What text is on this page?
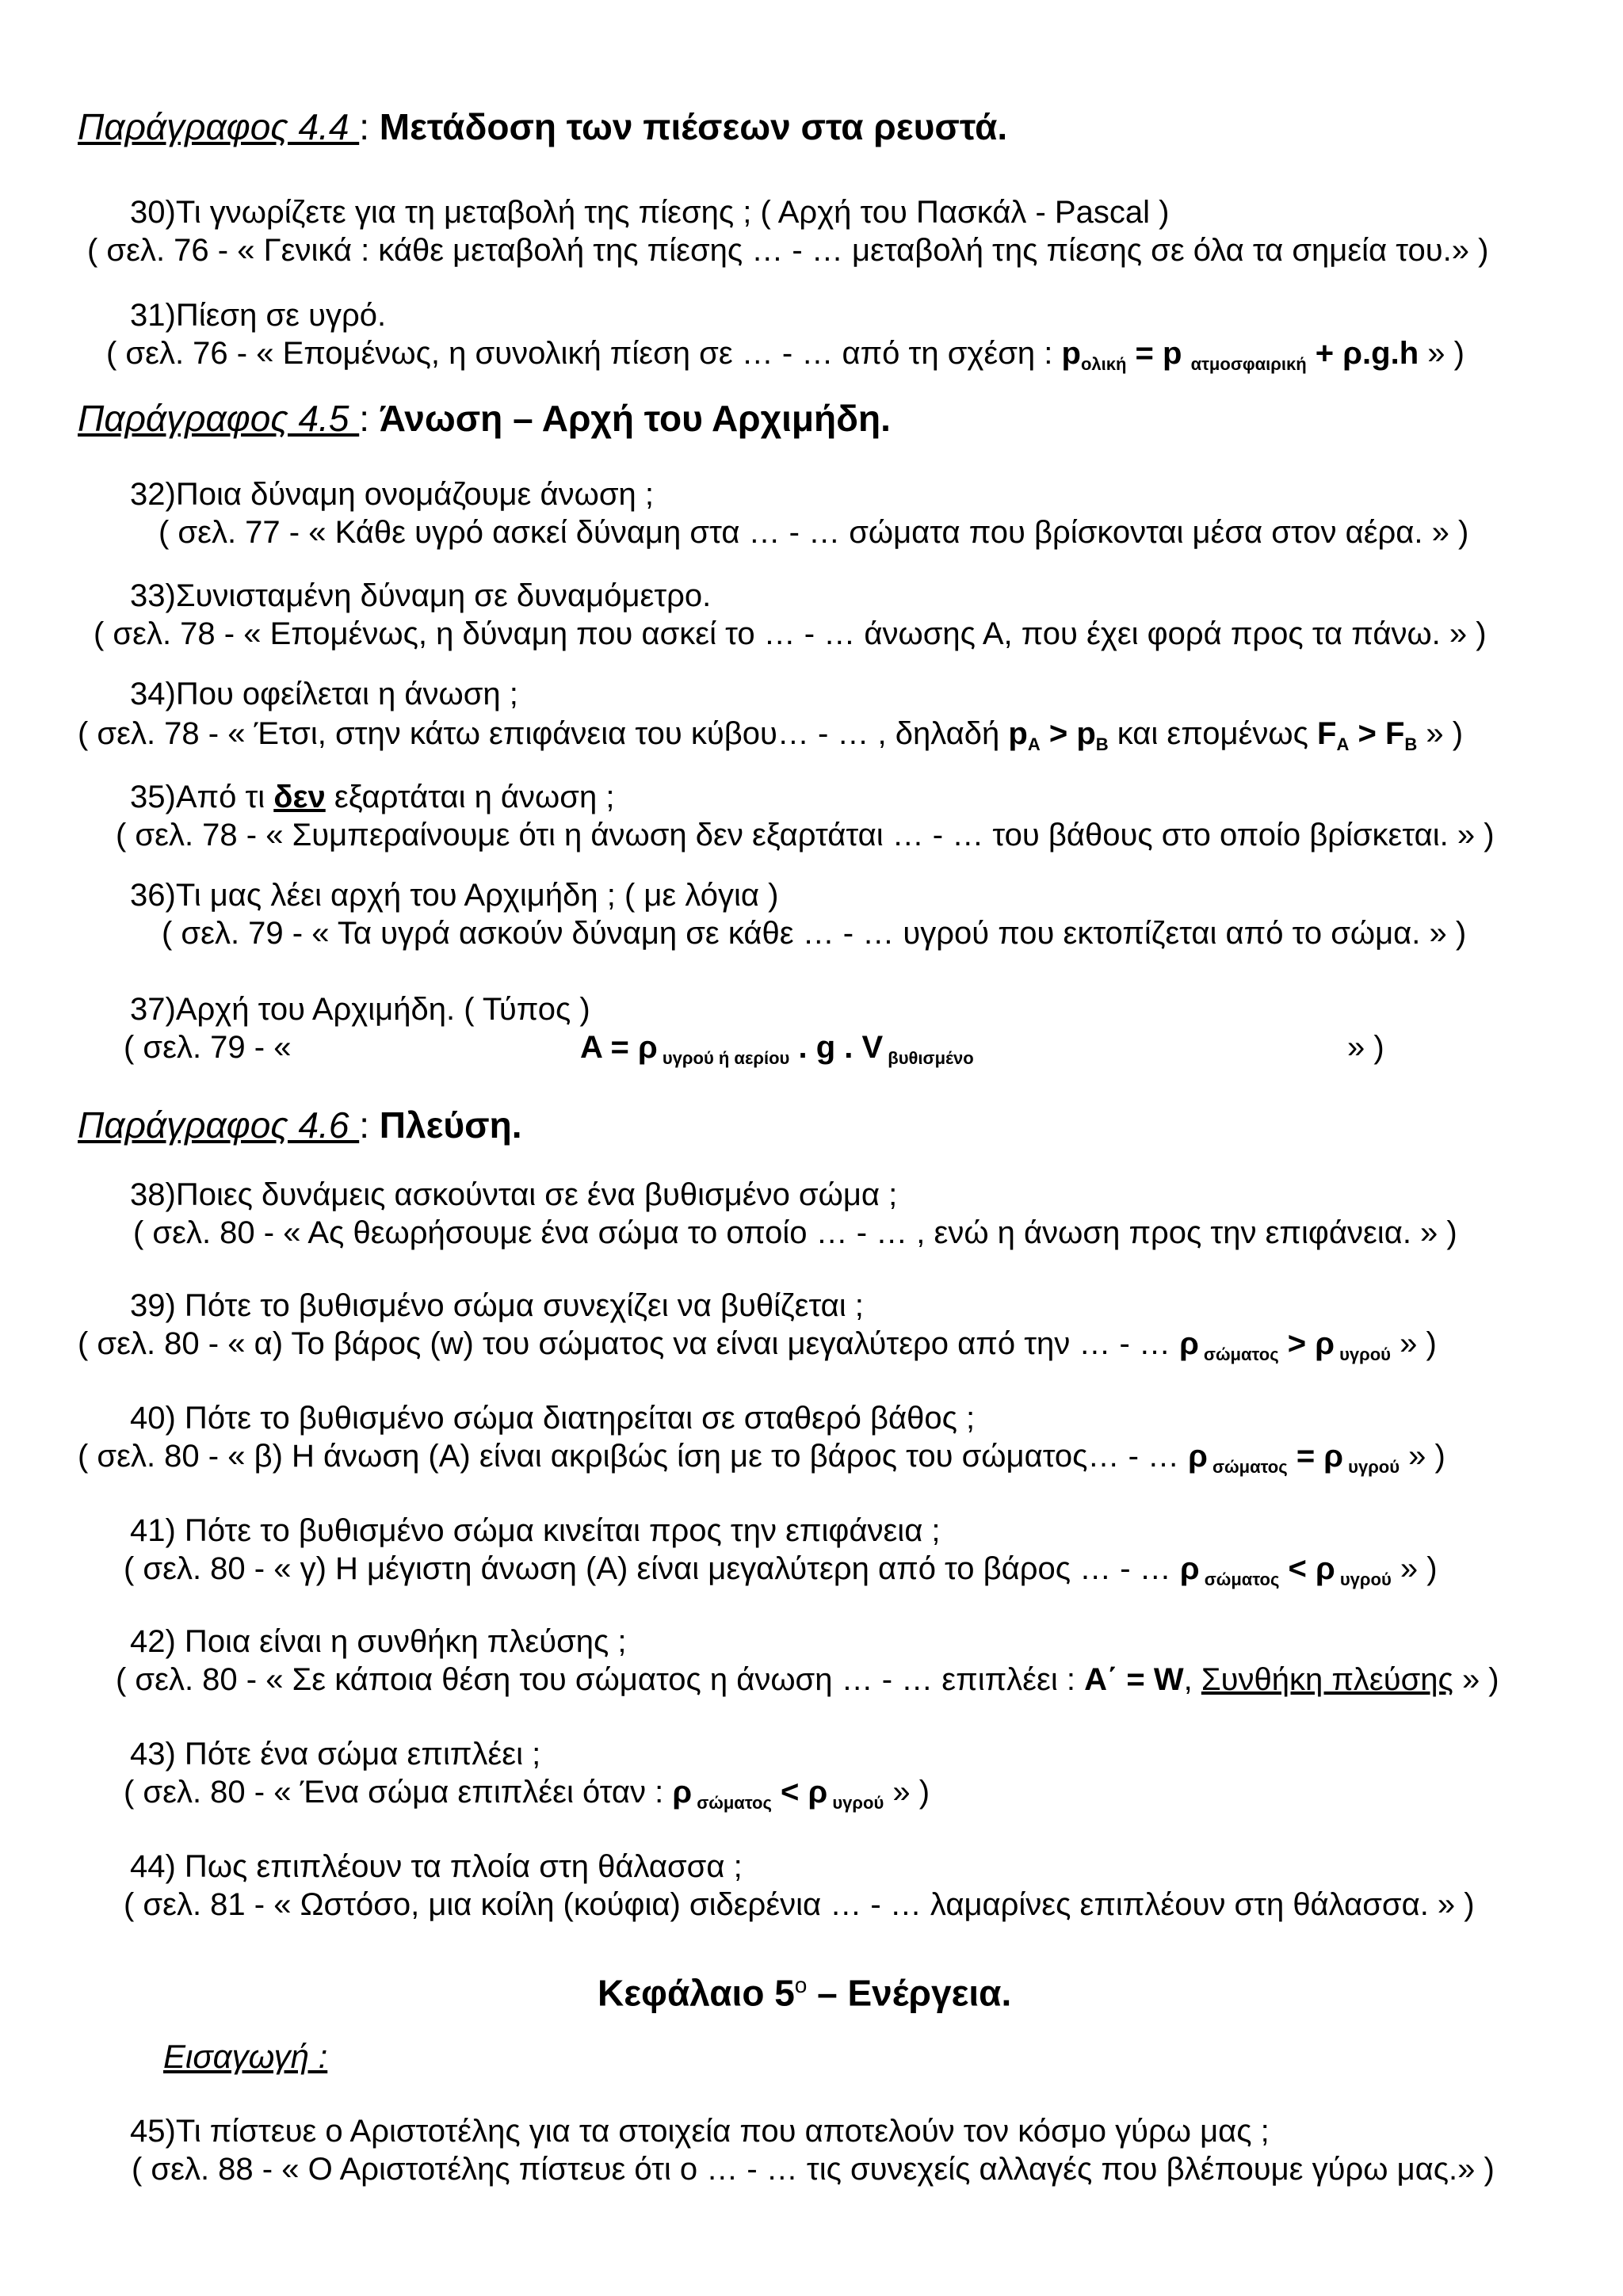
Παράγραφος 4.4 : Μετάδοση των πιέσεων στα ρευστά.
30)Τι γνωρίζετε για τη μεταβολή της πίεσης ; ( Αρχή του Πασκάλ - Pascal )
( σελ. 76 - « Γενικά : κάθε μεταβολή της πίεσης … - … μεταβολή της πίεσης σε όλα τα σημεία του.» )
31)Πίεση σε υγρό.
( σελ. 76 - « Επομένως, η συνολική πίεση σε … - … από τη σχέση : $p_{o\lambda\iota\kappa ή} = p$ $_{\alpha\tau\mu o\sigma\varphi\alpha\iota\rho\iota\kappa ή}$ + ρ.g.h » )
Παράγραφος 4.5 : Άνωση – Αρχή του Αρχιμήδη.
32)Ποια δύναμη ονομάζουμε άνωση ;
( σελ. 77 - « Κάθε υγρό ασκεί δύναμη στα … - … σώματα που βρίσκονται μέσα στον αέρα. » )
33)Συνισταμένη δύναμη σε δυναμόμετρο.
( σελ. 78 - « Επομένως, η δύναμη που ασκεί το … - … άνωσης Α, που έχει φορά προς τα πάνω. » )
34)Που οφείλεται η άνωση ;
( σελ. 78 - « Έτσι, στην κάτω επιφάνεια του κύβου… - … , δηλαδή $p_A > p_B$ και επομένως $F_A > F_B$ » )
35)Από τι δεν εξαρτάται η άνωση ;
( σελ. 78 - « Συμπεραίνουμε ότι η άνωση δεν εξαρτάται … - … του βάθους στο οποίο βρίσκεται. » )
36)Τι μας λέει αρχή του Αρχιμήδη ; ( με λόγια )
( σελ. 79 - « Τα υγρά ασκούν δύναμη σε κάθε … - … υγρού που εκτοπίζεται από το σώμα. » )
37)Αρχή του Αρχιμήδη. ( Τύπος )
( σελ. 79 - «	A = ρ $_{\upsilon\gamma\rho oύ ή \alpha\varepsilon\rho ίo\upsilon}$ . g . V $_{\beta\upsilon\theta\iota\sigma\mu έ\nu o}$	» )
Παράγραφος 4.6 : Πλεύση.
38)Ποιες δυνάμεις ασκούνται σε ένα βυθισμένο σώμα ;
( σελ. 80 - « Ας θεωρήσουμε ένα σώμα το οποίο … - … , ενώ η άνωση προς την επιφάνεια. » )
39) Πότε το βυθισμένο σώμα συνεχίζει να βυθίζεται ;
( σελ. 80 - « α) Το βάρος (w) του σώματος να είναι μεγαλύτερο από την … - … ρ $_{\sigma ώ\mu\alpha\tau o\varsigma}$ > ρ $_{\upsilon\gamma\rho oύ}$ » )
40) Πότε το βυθισμένο σώμα διατηρείται σε σταθερό βάθος ;
( σελ. 80 - « β) Η άνωση (Α) είναι ακριβώς ίση με το βάρος του σώματος… - … ρ $_{\sigma ώ\mu\alpha\tau o\varsigma}$ = ρ $_{\upsilon\gamma\rho oύ}$ » )
41) Πότε το βυθισμένο σώμα κινείται προς την επιφάνεια ;
( σελ. 80 - « γ) Η μέγιστη άνωση (Α) είναι μεγαλύτερη από το βάρος … - … ρ $_{\sigma ώ\mu\alpha\tau o\varsigma}$ < ρ $_{\upsilon\gamma\rho oύ}$ » )
42) Ποια είναι η συνθήκη πλεύσης ;
( σελ. 80 - « Σε κάποια θέση του σώματος η άνωση … - … επιπλέει : Α΄ = W, Συνθήκη πλεύσης » )
43) Πότε ένα σώμα επιπλέει ;
( σελ. 80 - « Ένα σώμα επιπλέει όταν : ρ $_{\sigma ώ\mu\alpha\tau o\varsigma}$ < ρ $_{\upsilon\gamma\rho oύ}$ » )
44) Πως επιπλέουν τα πλοία στη θάλασσα ;
( σελ. 81 - « Ωστόσο, μια κοίλη (κούφια) σιδερένια … - … λαμαρίνες επιπλέουν στη θάλασσα. » )
Κεφάλαιο $5^o$ – Ενέργεια.
Εισαγωγή :
45)Τι πίστευε ο Αριστοτέλης για τα στοιχεία που αποτελούν τον κόσμο γύρω μας ;
( σελ. 88 - « Ο Αριστοτέλης πίστευε ότι ο … - … τις συνεχείς αλλαγές που βλέπουμε γύρω μας.» )
